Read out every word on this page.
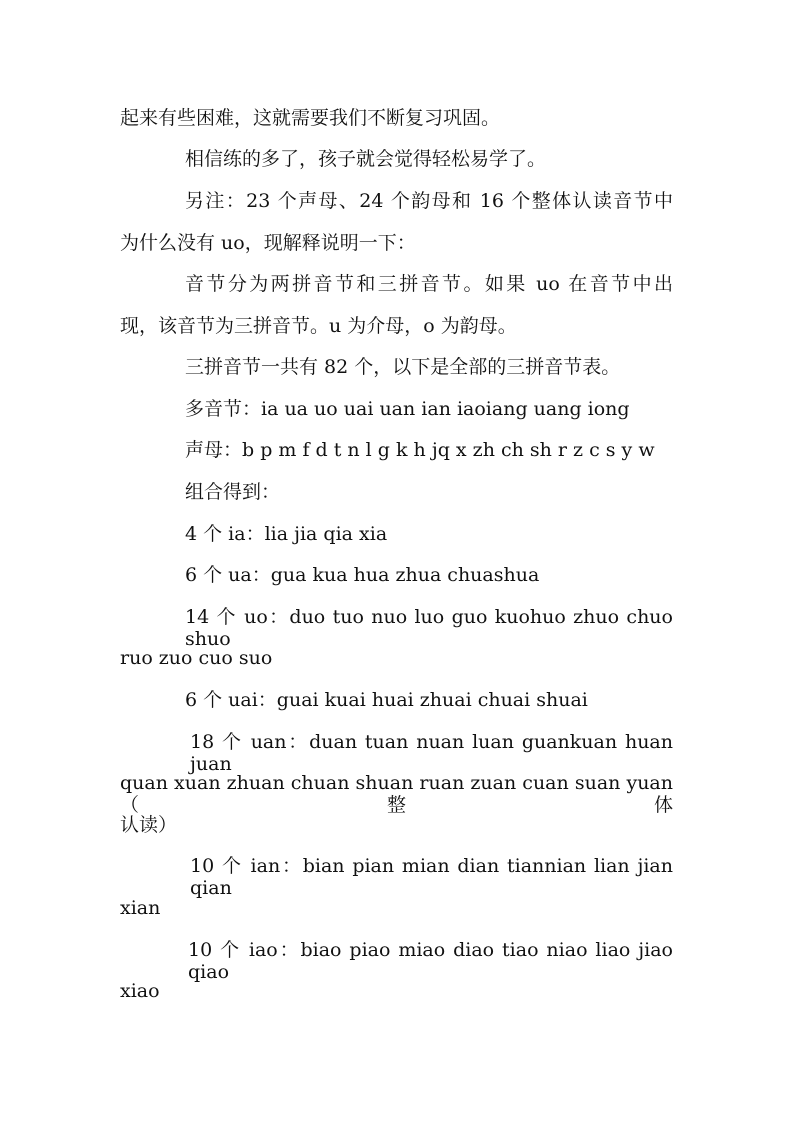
起来有些困难，这就需要我们不断复习巩固。
相信练的多了，孩子就会觉得轻松易学了。
另注：23 个声母、24 个韵母和 16 个整体认读音节中
为什么没有 uo，现解释说明一下：
音节分为两拼音节和三拼音节。如果 uo 在音节中出
现，该音节为三拼音节。u 为介母，o 为韵母。
三拼音节一共有 82 个，以下是全部的三拼音节表。
多音节：ia ua uo uai uan ian iaoiang uang iong
声母：b p m f d t n l g k h jq x zh ch sh r z c s y w
组合得到：
4 个 ia：lia jia qia xia
6 个 ua：gua kua hua zhua chuashua
14 个 uo：duo tuo nuo luo guo kuohuo zhuo chuo shuo
ruo zuo cuo suo
6 个 uai：guai kuai huai zhuai chuai shuai
18 个 uan：duan tuan nuan luan guankuan huan juan
quan xuan zhuan chuan shuan ruan zuan cuan suan yuan（整体
认读）
10 个 ian：bian pian mian dian tiannian lian jian qian
xian
10 个 iao：biao piao miao diao tiao niao liao jiao qiao
xiao
